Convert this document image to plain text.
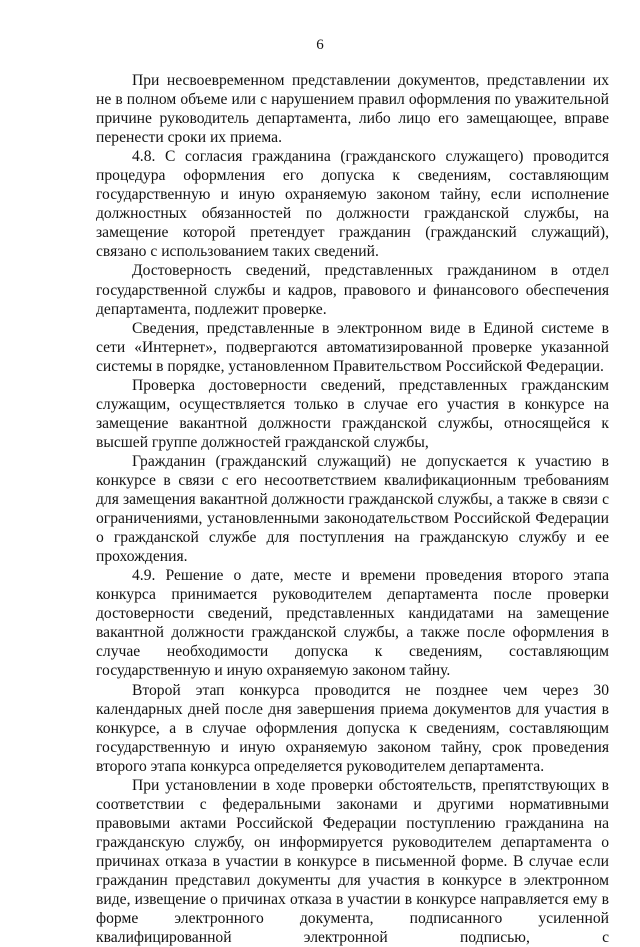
6

При несвоевременном представлении документов, представлении их не в полном объеме или с нарушением правил оформления по уважительной причине руководитель департамента, либо лицо его замещающее, вправе перенести сроки их приема.

4.8. С согласия гражданина (гражданского служащего) проводится процедура оформления его допуска к сведениям, составляющим государственную и иную охраняемую законом тайну, если исполнение должностных обязанностей по должности гражданской службы, на замещение которой претендует гражданин (гражданский служащий), связано с использованием таких сведений.

Достоверность сведений, представленных гражданином в отдел государственной службы и кадров, правового и финансового обеспечения департамента, подлежит проверке.

Сведения, представленные в электронном виде в Единой системе в сети «Интернет», подвергаются автоматизированной проверке указанной системы в порядке, установленном Правительством Российской Федерации.

Проверка достоверности сведений, представленных гражданским служащим, осуществляется только в случае его участия в конкурсе на замещение вакантной должности гражданской службы, относящейся к высшей группе должностей гражданской службы,

Гражданин (гражданский служащий) не допускается к участию в конкурсе в связи с его несоответствием квалификационным требованиям для замещения вакантной должности гражданской службы, а также в связи с ограничениями, установленными законодательством Российской Федерации о гражданской службе для поступления на гражданскую службу и ее прохождения.

4.9. Решение о дате, месте и времени проведения второго этапа конкурса принимается руководителем департамента после проверки достоверности сведений, представленных кандидатами на замещение вакантной должности гражданской службы, а также после оформления в случае необходимости допуска к сведениям, составляющим государственную и иную охраняемую законом тайну.

Второй этап конкурса проводится не позднее чем через 30 календарных дней после дня завершения приема документов для участия в конкурсе, а в случае оформления допуска к сведениям, составляющим государственную и иную охраняемую законом тайну, срок проведения второго этапа конкурса определяется руководителем департамента.

При установлении в ходе проверки обстоятельств, препятствующих в соответствии с федеральными законами и другими нормативными правовыми актами Российской Федерации поступлению гражданина на гражданскую службу, он информируется руководителем департамента о причинах отказа в участии в конкурсе в письменной форме. В случае если гражданин представил документы для участия в конкурсе в электронном виде, извещение о причинах отказа в участии в конкурсе направляется ему в форме электронного документа, подписанного усиленной квалифицированной электронной подписью, с
